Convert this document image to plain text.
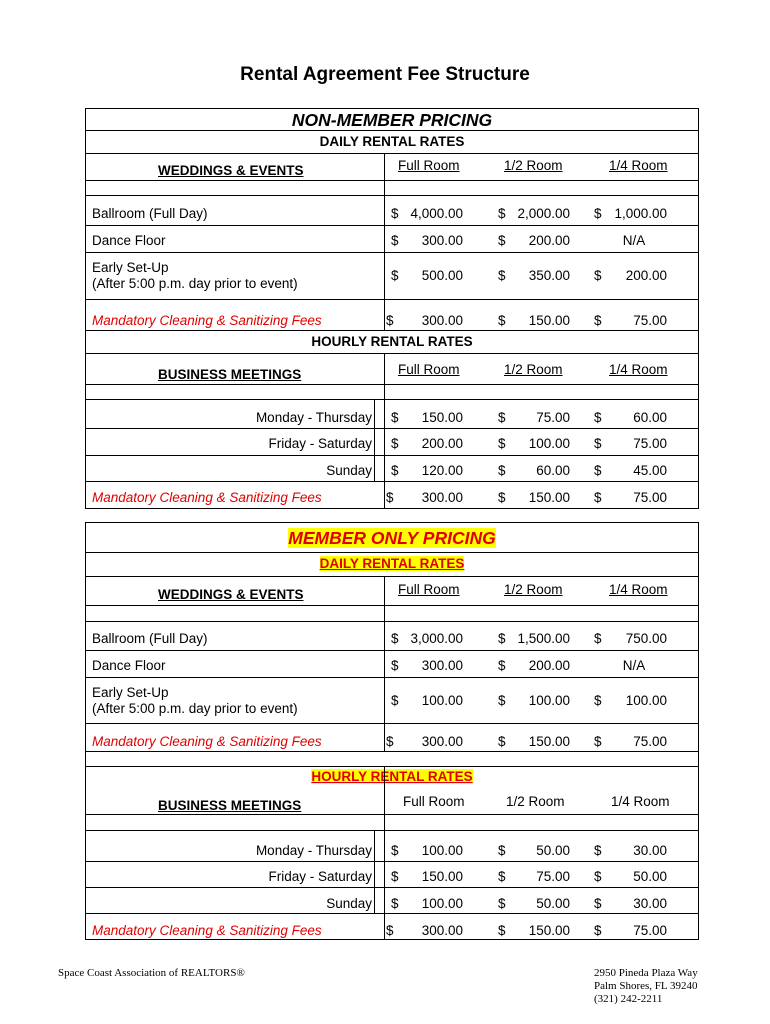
Rental Agreement Fee Structure
NON-MEMBER PRICING
DAILY RENTAL RATES
WEDDINGS & EVENTS	Full Room	1/2 Room	1/4 Room
Ballroom (Full Day)	$ 4,000.00	$ 2,000.00 $ 1,000.00
Dance Floor	$	300.00	$	200.00	N/A
Early Set-Up
(After 5:00 p.m. day prior to event)
$	500.00	$	350.00 $	200.00
Mandatory Cleaning & Sanitizing Fees	$	300.00	$	150.00 $	75.00
HOURLY RENTAL RATES
BUSINESS MEETINGS	Full Room	1/2 Room	1/4 Room
Monday - Thursday $	150.00	$	75.00 $	60.00
Friday - Saturday $	200.00	$	100.00 $	75.00
Sunday $	120.00	$	60.00 $	45.00
Mandatory Cleaning & Sanitizing Fees	$	300.00	$	150.00 $	75.00
MEMBER ONLY PRICING
DAILY RENTAL RATES
WEDDINGS & EVENTS	Full Room	1/2 Room	1/4 Room
Ballroom (Full Day)	$ 3,000.00	$ 1,500.00 $	750.00
Dance Floor	$	300.00	$	200.00	N/A
Early Set-Up
(After 5:00 p.m. day prior to event)
$	100.00	$	100.00 $	100.00
Mandatory Cleaning & Sanitizing Fees	$	300.00	$	150.00 $	75.00
HOURLY RENTAL RATES
BUSINESS MEETINGS	Full Room	1/2 Room	1/4 Room
Monday - Thursday $	100.00	$	50.00 $	30.00
Friday - Saturday $	150.00	$	75.00 $	50.00
Sunday $	100.00	$	50.00 $	30.00
Mandatory Cleaning & Sanitizing Fees	$	300.00	$	150.00 $	75.00
Space Coast Association of REALTORS®	2950 Pineda Plaza Way
Palm Shores, FL 39240
(321) 242-2211
